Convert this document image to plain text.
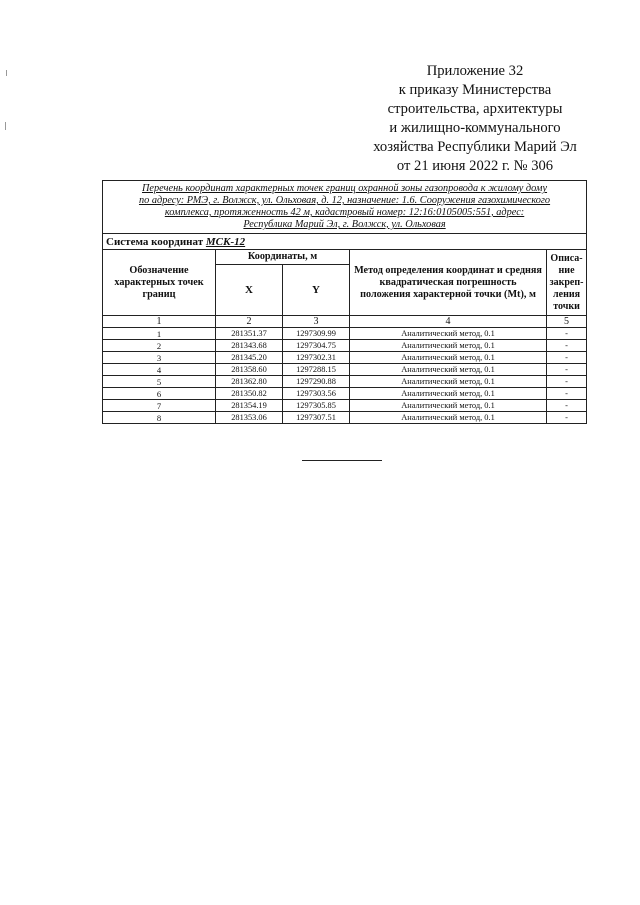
Приложение 32
к приказу Министерства
строительства, архитектуры
и жилищно-коммунального
хозяйства Республики Марий Эл
от 21 июня 2022 г. № 306
Перечень координат характерных точек границ охранной зоны газопровода к жилому дому
по адресу: РМЭ, г. Волжск, ул. Ольховая, д. 12, назначение: 1.6. Сооружения газохимического
комплекса, протяженность 42 м, кадастровый номер: 12:16:0105005:551, адрес:
Республика Марий Эл, г. Волжск, ул. Ольховая				

Система координат МСК-12				
Обозначение характерных точек границ	Координаты, м		Метод определения координат и средняя квадратическая погрешность положения характерной точки (Mt), м	Описа-
ние
закреп-
ления
точки
	X	Y		
1	2	3	4	5
1	281351.37	1297309.99	Аналитический метод, 0.1	-
2	281343.68	1297304.75	Аналитический метод, 0.1	-
3	281345.20	1297302.31	Аналитический метод, 0.1	-
4	281358.60	1297288.15	Аналитический метод, 0.1	-
5	281362.80	1297290.88	Аналитический метод, 0.1	-
6	281350.82	1297303.56	Аналитический метод, 0.1	-
7	281354.19	1297305.85	Аналитический метод, 0.1	-
8	281353.06	1297307.51	Аналитический метод, 0.1	-
